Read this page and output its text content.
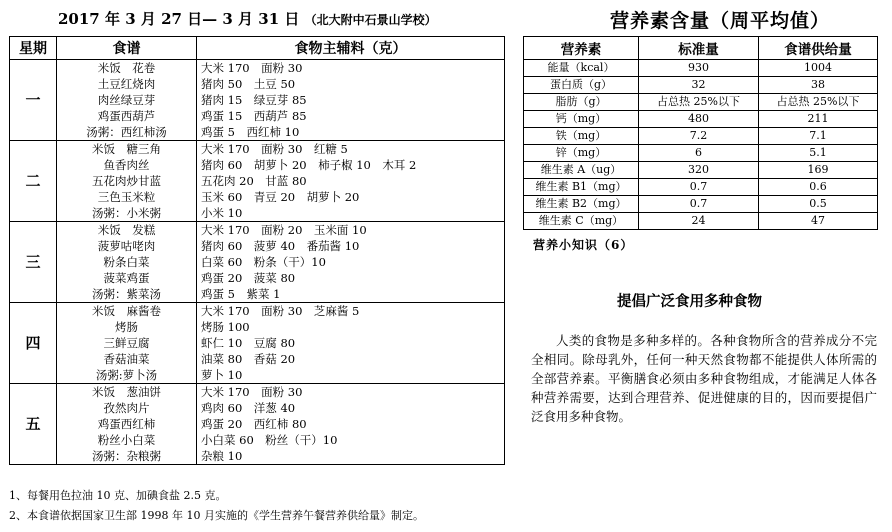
2017 年 3 月 27 日— 3 月 31 日 （北大附中石景山学校）	营养素含量（周平均值）
星期	食谱	食物主辅料（克）
一	米饭　花卷	大米 170　面粉 30
	土豆红烧肉	猪肉 50　土豆 50
	肉丝绿豆芽	猪肉 15　绿豆芽 85
	鸡蛋西葫芦	鸡蛋 15　西葫芦 85
	汤粥：西红柿汤	鸡蛋 5　西红柿 10
二	米饭　糖三角	大米 170　面粉 30　红糖 5
	鱼香肉丝	猪肉 60　胡萝卜 20　柿子椒 10　木耳 2
	五花肉炒甘蓝	五花肉 20　甘蓝 80
	三色玉米粒	玉米 60　青豆 20　胡萝卜 20
	汤粥：小米粥	小米 10
三	米饭　发糕	大米 170　面粉 20　玉米面 10
	菠萝咕咾肉	猪肉 60　菠萝 40　番茄酱 10
	粉条白菜	白菜 60　粉条（干）10
	菠菜鸡蛋	鸡蛋 20　菠菜 80
	汤粥：紫菜汤	鸡蛋 5　紫菜 1
四	米饭　麻酱卷	大米 170　面粉 30　芝麻酱 5
	烤肠	烤肠 100
	三鲜豆腐	虾仁 10　豆腐 80
	香菇油菜	油菜 80　香菇 20
	汤粥:萝卜汤	萝卜 10
五	米饭　葱油饼	大米 170　面粉 30
	孜然肉片	鸡肉 60　洋葱 40
	鸡蛋西红柿	鸡蛋 20　西红柿 80
	粉丝小白菜	小白菜 60　粉丝（干）10
	汤粥：杂粮粥	杂粮 10
营养素	标准量	食谱供给量
能量（kcal）	930	1004
蛋白质（g）	32	38
脂肪（g）	占总热 25%以下	占总热 25%以下
钙（mg）	480	211
铁（mg）	7.2	7.1
锌（mg）	6	5.1
维生素 A（ug）	320	169
维生素 B1（mg）	0.7	0.6
维生素 B2（mg）	0.7	0.5
维生素 C（mg）	24	47
营养小知识（6）
提倡广泛食用多种食物

人类的食物是多种多样的。各种食物所含的营养成分不完全相同。除母乳外，任何一种天然食物都不能提供人体所需的全部营养素。平衡膳食必须由多种食物组成，才能满足人体各种营养需要，达到合理营养、促进健康的目的，因而要提倡广泛食用多种食物。

1、每餐用色拉油 10 克、加碘食盐 2.5 克。
2、本食谱依据国家卫生部 1998 年 10 月实施的《学生营养午餐营养供给量》制定。
